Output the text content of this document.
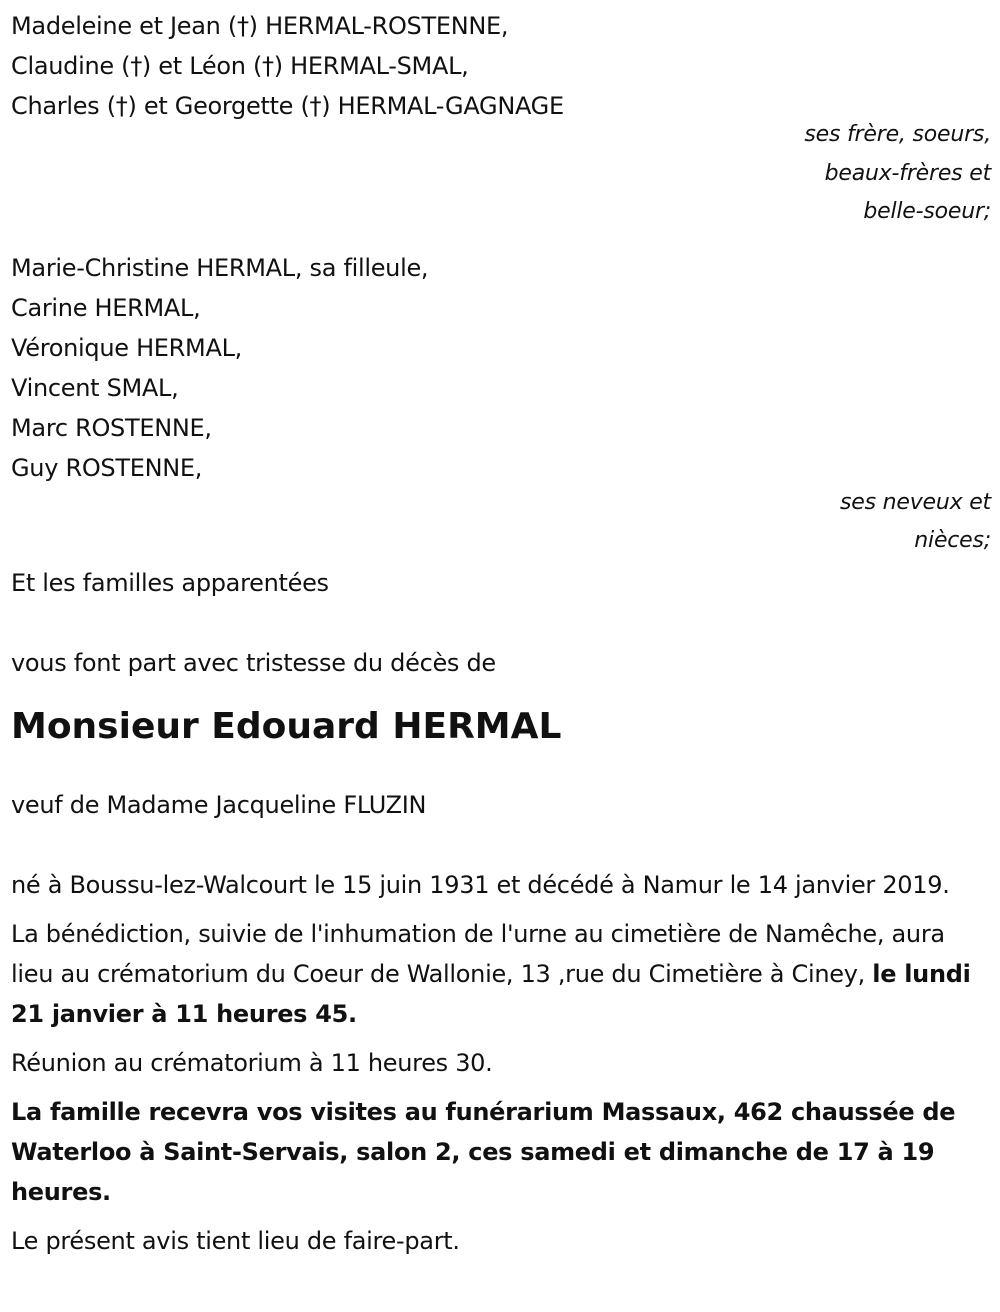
Madeleine et Jean (†) HERMAL-ROSTENNE,
Claudine (†) et Léon (†) HERMAL-SMAL,
Charles (†) et Georgette (†) HERMAL-GAGNAGE
ses frère, soeurs,
beaux-frères et
belle-soeur;
Marie-Christine HERMAL, sa filleule,
Carine HERMAL,
Véronique HERMAL,
Vincent SMAL,
Marc ROSTENNE,
Guy ROSTENNE,
ses neveux et
nièces;
Et les familles apparentées
vous font part avec tristesse du décès de
Monsieur Edouard HERMAL
veuf de Madame Jacqueline FLUZIN
né à Boussu-lez-Walcourt le 15 juin 1931 et décédé à Namur le 14 janvier 2019.
La bénédiction, suivie de l'inhumation de l'urne au cimetière de Namêche, aura lieu au crématorium du Coeur de Wallonie, 13 ,rue du Cimetière à Ciney, le lundi 21 janvier à 11 heures 45.
Réunion au crématorium à 11 heures 30.
La famille recevra vos visites au funérarium Massaux, 462 chaussée de Waterloo à Saint-Servais, salon 2, ces samedi et dimanche de 17 à 19 heures.
Le présent avis tient lieu de faire-part.
